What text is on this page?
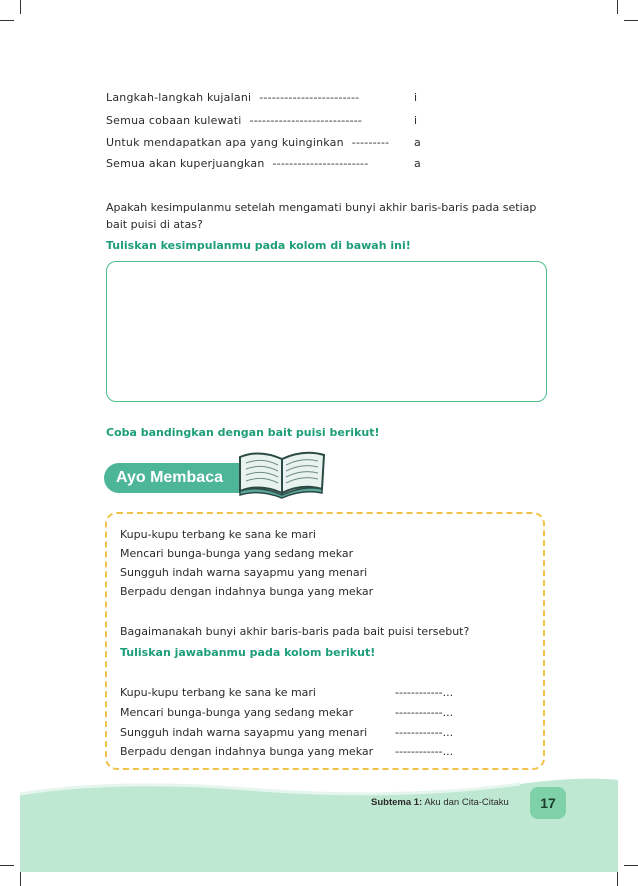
Langkah-langkah kujalani ------------------------	i
Semua cobaan kulewati ---------------------------	i
Untuk mendapatkan apa yang kuinginkan --------- a
Semua akan kuperjuangkan -----------------------	a
Apakah kesimpulanmu setelah mengamati bunyi akhir baris-baris pada setiap bait puisi di atas?
Tuliskan kesimpulanmu pada kolom di bawah ini!
Coba bandingkan dengan bait puisi berikut!
Ayo Membaca
Kupu-kupu terbang ke sana ke mari
Mencari bunga-bunga yang sedang mekar
Sungguh indah warna sayapmu yang menari
Berpadu dengan indahnya bunga yang mekar
Bagaimanakah bunyi akhir baris-baris pada bait puisi tersebut?
Tuliskan jawabanmu pada kolom berikut!
Kupu-kupu terbang ke sana ke mari	------------...
Mencari bunga-bunga yang sedang mekar	------------...
Sungguh indah warna sayapmu yang menari	------------...
Berpadu dengan indahnya bunga yang mekar ------------...
Subtema 1: Aku dan Cita-Citaku	17
